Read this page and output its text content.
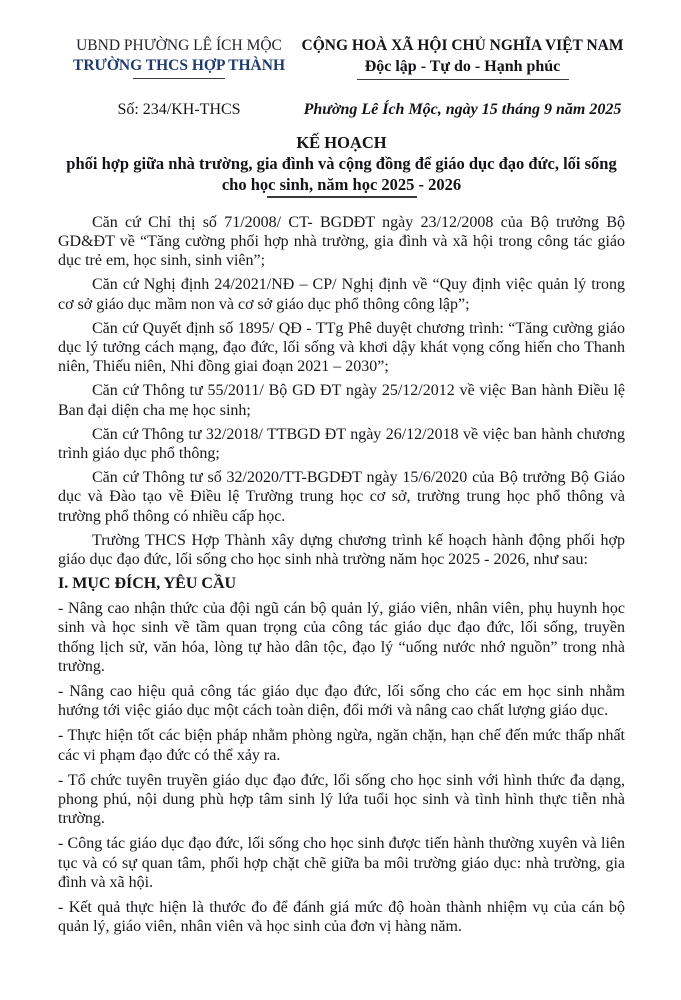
UBND PHƯỜNG LÊ ÍCH MỘC
TRƯỜNG THCS HỢP THÀNH
CỘNG HOÀ XÃ HỘI CHỦ NGHĨA VIỆT NAM
Độc lập - Tự do - Hạnh phúc
Số: 234/KH-THCS	Phường Lê Ích Mộc, ngày 15 tháng 9 năm 2025
KẾ HOẠCH
phối hợp giữa nhà trường, gia đình và cộng đồng để giáo dục đạo đức, lối sống
cho học sinh, năm học 2025 - 2026

Căn cứ Chỉ thị số 71/2008/ CT- BGDĐT ngày 23/12/2008 của Bộ trưởng Bộ GD&ĐT về “Tăng cường phối hợp nhà trường, gia đình và xã hội trong công tác giáo dục trẻ em, học sinh, sinh viên”;

Căn cứ Nghị định 24/2021/NĐ – CP/ Nghị định về “Quy định việc quản lý trong cơ sở giáo dục mầm non và cơ sở giáo dục phổ thông công lập”;

Căn cứ Quyết định số 1895/ QĐ - TTg Phê duyệt chương trình: “Tăng cường giáo dục lý tưởng cách mạng, đạo đức, lối sống và khơi dậy khát vọng cống hiến cho Thanh niên, Thiếu niên, Nhi đồng giai đoạn 2021 – 2030”;

Căn cứ Thông tư 55/2011/ Bộ GD ĐT ngày 25/12/2012 về việc Ban hành Điều lệ Ban đại diện cha mẹ học sinh;

Căn cứ Thông tư 32/2018/ TTBGD ĐT ngày 26/12/2018 về việc ban hành chương trình giáo dục phổ thông;

Căn cứ Thông tư số 32/2020/TT-BGDĐT ngày 15/6/2020 của Bộ trưởng Bộ Giáo dục và Đào tạo về Điều lệ Trường trung học cơ sở, trường trung học phổ thông và trường phổ thông có nhiều cấp học.

Trường THCS Hợp Thành xây dựng chương trình kế hoạch hành động phối hợp giáo dục đạo đức, lối sống cho học sinh nhà trường năm học 2025 - 2026, như sau:

I. MỤC ĐÍCH, YÊU CẦU

- Nâng cao nhận thức của đội ngũ cán bộ quản lý, giáo viên, nhân viên, phụ huynh học sinh và học sinh về tầm quan trọng của công tác giáo dục đạo đức, lối sống, truyền thống lịch sử, văn hóa, lòng tự hào dân tộc, đạo lý “uống nước nhớ nguồn” trong nhà trường.

- Nâng cao hiệu quả công tác giáo dục đạo đức, lối sống cho các em học sinh nhằm hướng tới việc giáo dục một cách toàn diện, đổi mới và nâng cao chất lượng giáo dục.

- Thực hiện tốt các biện pháp nhằm phòng ngừa, ngăn chặn, hạn chế đến mức thấp nhất các vi phạm đạo đức có thể xảy ra.

- Tổ chức tuyên truyền giáo dục đạo đức, lối sống cho học sinh với hình thức đa dạng, phong phú, nội dung phù hợp tâm sinh lý lứa tuổi học sinh và tình hình thực tiễn nhà trường.

- Công tác giáo dục đạo đức, lối sống cho học sinh được tiến hành thường xuyên và liên tục và có sự quan tâm, phối hợp chặt chẽ giữa ba môi trường giáo dục: nhà trường, gia đình và xã hội.

- Kết quả thực hiện là thước đo để đánh giá mức độ hoàn thành nhiệm vụ của cán bộ quản lý, giáo viên, nhân viên và học sinh của đơn vị hàng năm.
